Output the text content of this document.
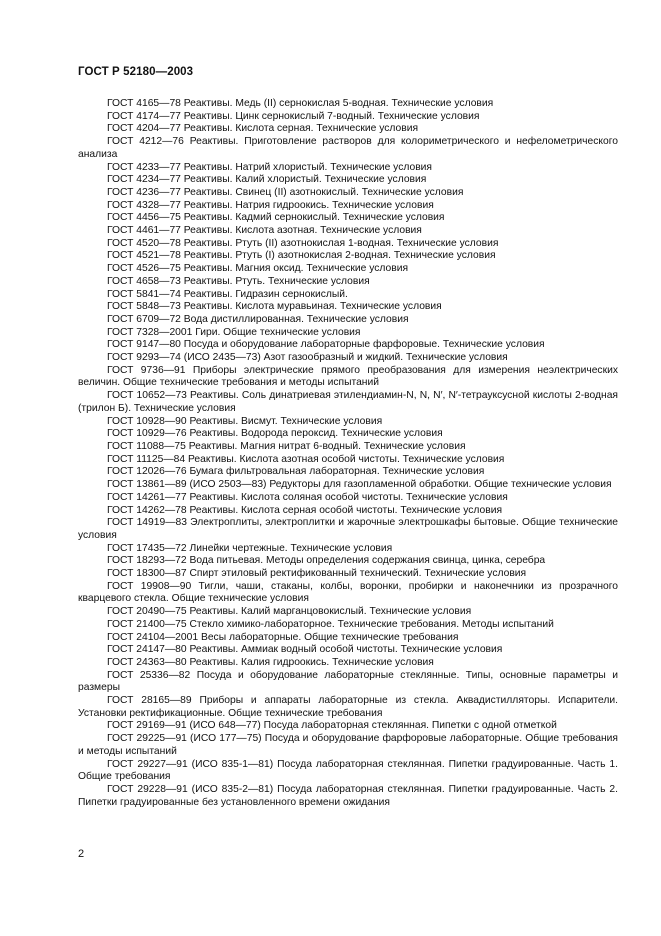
ГОСТ Р 52180—2003

ГОСТ 4165—78 Реактивы. Медь (II) сернокислая 5-водная. Технические условия

ГОСТ 4174—77 Реактивы. Цинк сернокислый 7-водный. Технические условия

ГОСТ 4204—77 Реактивы. Кислота серная. Технические условия

ГОСТ 4212—76 Реактивы. Приготовление растворов для колориметрического и нефелометрического анализа

ГОСТ 4233—77 Реактивы. Натрий хлористый. Технические условия

ГОСТ 4234—77 Реактивы. Калий хлористый. Технические условия

ГОСТ 4236—77 Реактивы. Свинец (II) азотнокислый. Технические условия

ГОСТ 4328—77 Реактивы. Натрия гидроокись. Технические условия

ГОСТ 4456—75 Реактивы. Кадмий сернокислый. Технические условия

ГОСТ 4461—77 Реактивы. Кислота азотная. Технические условия

ГОСТ 4520—78 Реактивы. Ртуть (II) азотнокислая 1-водная. Технические условия

ГОСТ 4521—78 Реактивы. Ртуть (I) азотнокислая 2-водная. Технические условия

ГОСТ 4526—75 Реактивы. Магния оксид. Технические условия

ГОСТ 4658—73 Реактивы. Ртуть. Технические условия

ГОСТ 5841—74 Реактивы. Гидразин сернокислый.

ГОСТ 5848—73 Реактивы. Кислота муравьиная. Технические условия

ГОСТ 6709—72 Вода дистиллированная. Технические условия

ГОСТ 7328—2001 Гири. Общие технические условия

ГОСТ 9147—80 Посуда и оборудование лабораторные фарфоровые. Технические условия

ГОСТ 9293—74 (ИСО 2435—73) Азот газообразный и жидкий. Технические условия

ГОСТ 9736—91 Приборы электрические прямого преобразования для измерения неэлектрических величин. Общие технические требования и методы испытаний

ГОСТ 10652—73 Реактивы. Соль динатриевая этилендиамин-N, N, N′, N′-тетрауксусной кислоты 2-водная (трилон Б). Технические условия

ГОСТ 10928—90 Реактивы. Висмут. Технические условия

ГОСТ 10929—76 Реактивы. Водорода пероксид. Технические условия

ГОСТ 11088—75 Реактивы. Магния нитрат 6-водный. Технические условия

ГОСТ 11125—84 Реактивы. Кислота азотная особой чистоты. Технические условия

ГОСТ 12026—76 Бумага фильтровальная лабораторная. Технические условия

ГОСТ 13861—89 (ИСО 2503—83) Редукторы для газопламенной обработки. Общие технические условия

ГОСТ 14261—77 Реактивы. Кислота соляная особой чистоты. Технические условия

ГОСТ 14262—78 Реактивы. Кислота серная особой чистоты. Технические условия

ГОСТ 14919—83 Электроплиты, электроплитки и жарочные электрошкафы бытовые. Общие технические условия

ГОСТ 17435—72 Линейки чертежные. Технические условия

ГОСТ 18293—72 Вода питьевая. Методы определения содержания свинца, цинка, серебра

ГОСТ 18300—87 Спирт этиловый ректификованный технический. Технические условия

ГОСТ 19908—90 Тигли, чаши, стаканы, колбы, воронки, пробирки и наконечники из прозрачного кварцевого стекла. Общие технические условия

ГОСТ 20490—75 Реактивы. Калий марганцовокислый. Технические условия

ГОСТ 21400—75 Стекло химико-лабораторное. Технические требования. Методы испытаний

ГОСТ 24104—2001 Весы лабораторные. Общие технические требования

ГОСТ 24147—80 Реактивы. Аммиак водный особой чистоты. Технические условия

ГОСТ 24363—80 Реактивы. Калия гидроокись. Технические условия

ГОСТ 25336—82 Посуда и оборудование лабораторные стеклянные. Типы, основные параметры и размеры

ГОСТ 28165—89 Приборы и аппараты лабораторные из стекла. Аквадистилляторы. Испарители. Установки ректификационные. Общие технические требования

ГОСТ 29169—91 (ИСО 648—77) Посуда лабораторная стеклянная. Пипетки с одной отметкой

ГОСТ 29225—91 (ИСО 177—75) Посуда и оборудование фарфоровые лабораторные. Общие требования и методы испытаний

ГОСТ 29227—91 (ИСО 835-1—81) Посуда лабораторная стеклянная. Пипетки градуированные. Часть 1. Общие требования

ГОСТ 29228—91 (ИСО 835-2—81) Посуда лабораторная стеклянная. Пипетки градуированные. Часть 2. Пипетки градуированные без установленного времени ожидания

2
